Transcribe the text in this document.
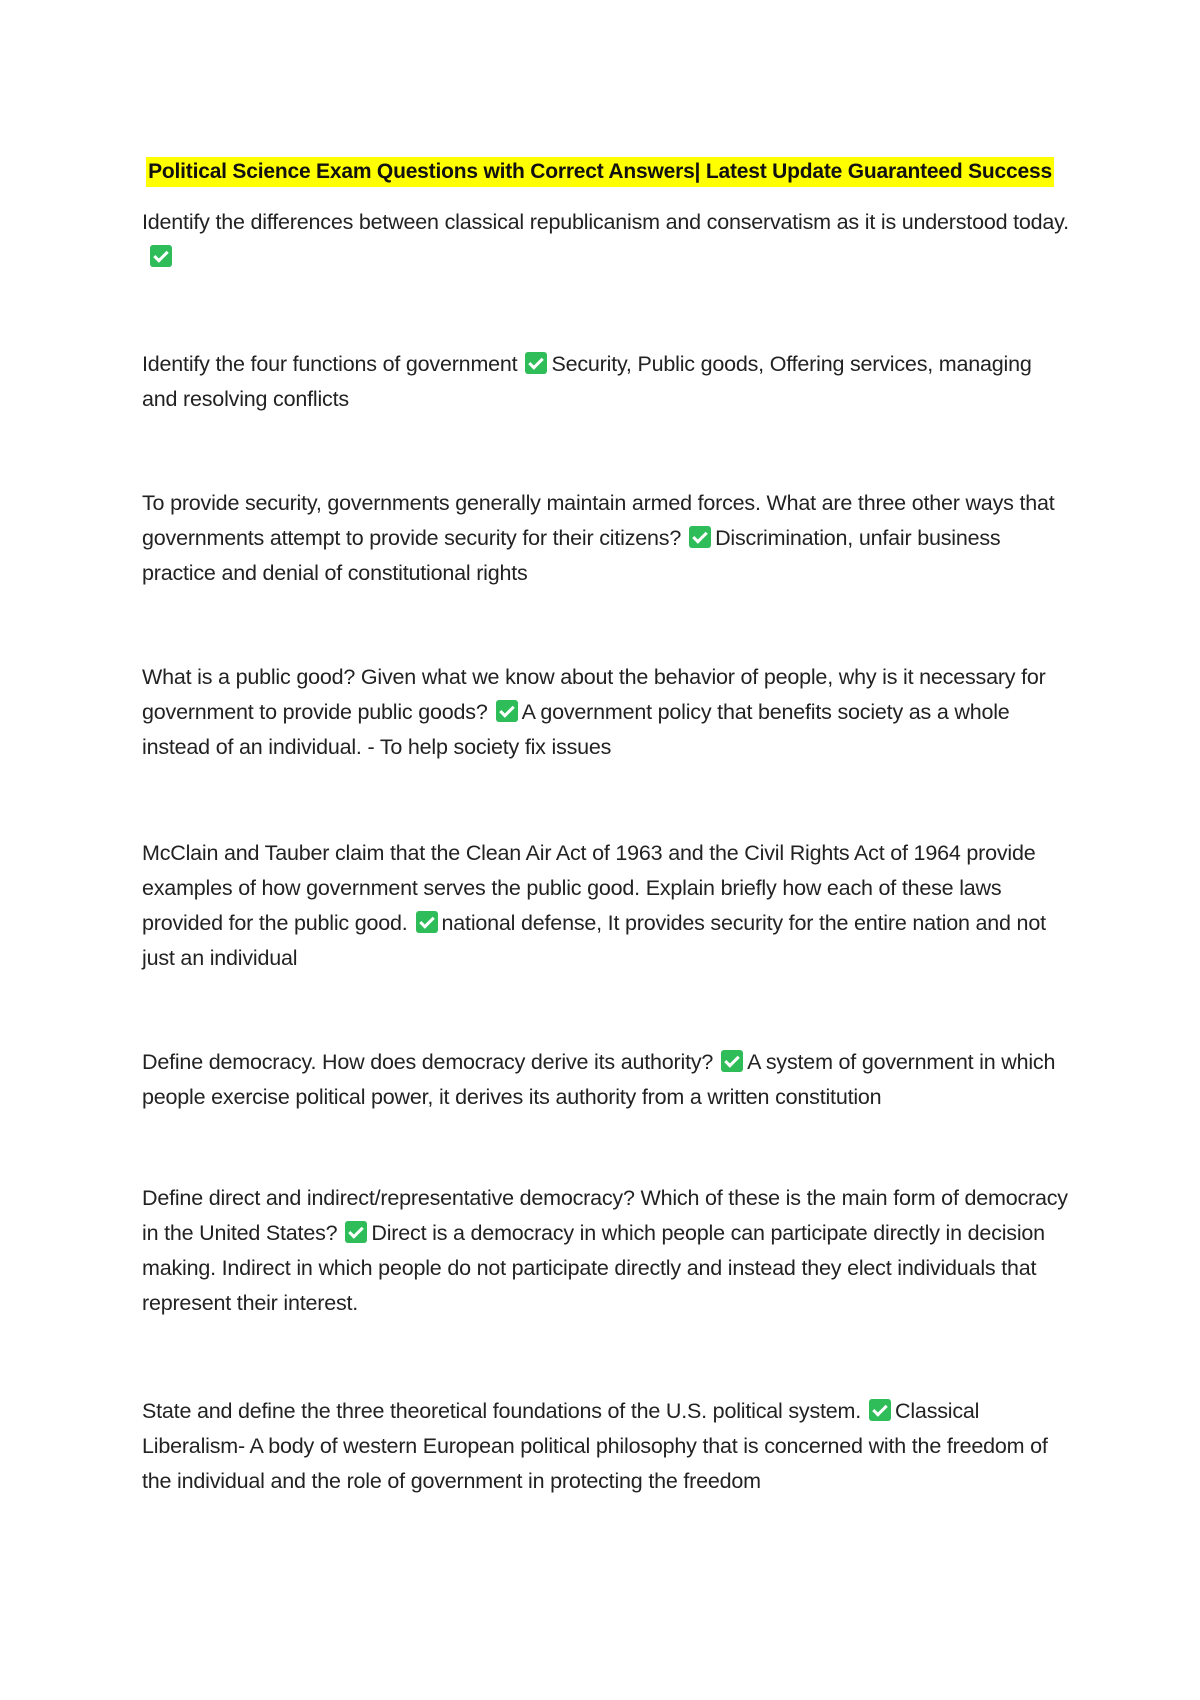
Political Science Exam Questions with Correct Answers| Latest Update Guaranteed Success
Identify the differences between classical republicanism and conservatism as it is understood today.
Identify the four functions of government Security, Public goods, Offering services, managing and resolving conflicts
To provide security, governments generally maintain armed forces. What are three other ways that governments attempt to provide security for their citizens? Discrimination, unfair business practice and denial of constitutional rights
What is a public good? Given what we know about the behavior of people, why is it necessary for government to provide public goods? A government policy that benefits society as a whole instead of an individual. - To help society fix issues
McClain and Tauber claim that the Clean Air Act of 1963 and the Civil Rights Act of 1964 provide examples of how government serves the public good. Explain briefly how each of these laws provided for the public good. national defense, It provides security for the entire nation and not just an individual
Define democracy. How does democracy derive its authority? A system of government in which people exercise political power, it derives its authority from a written constitution
Define direct and indirect/representative democracy? Which of these is the main form of democracy in the United States? Direct is a democracy in which people can participate directly in decision making. Indirect in which people do not participate directly and instead they elect individuals that represent their interest.
State and define the three theoretical foundations of the U.S. political system. Classical Liberalism- A body of western European political philosophy that is concerned with the freedom of the individual and the role of government in protecting the freedom
